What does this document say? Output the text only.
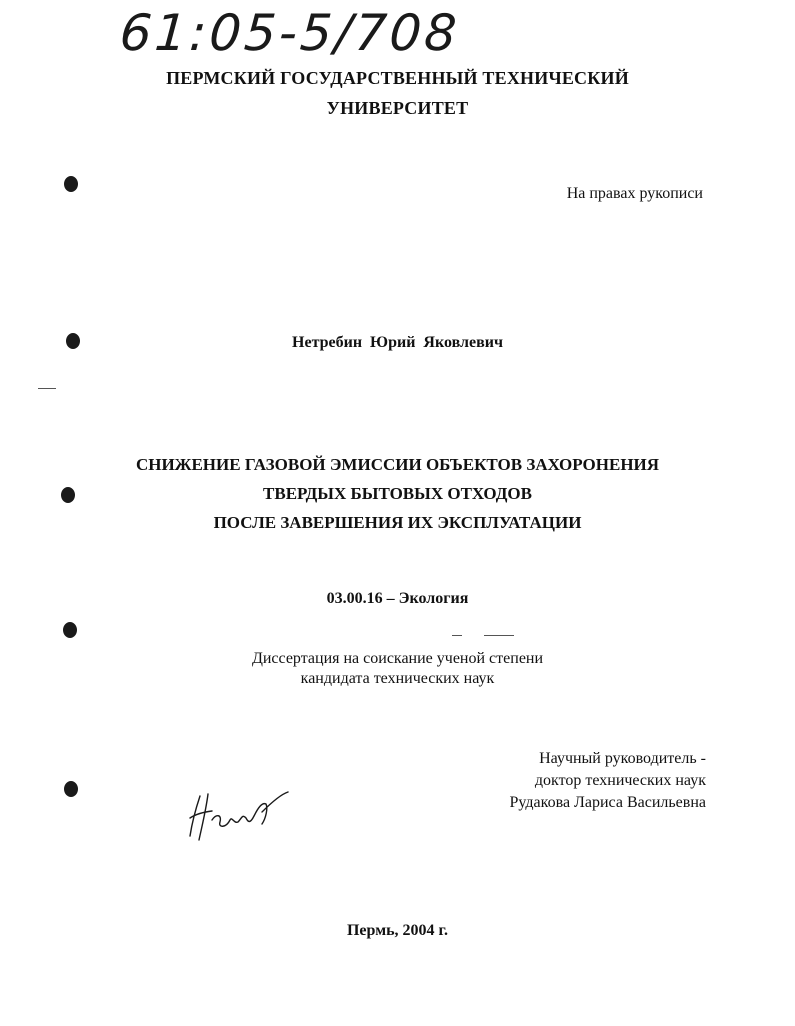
61:05-5/708
ПЕРМСКИЙ ГОСУДАРСТВЕННЫЙ ТЕХНИЧЕСКИЙ
УНИВЕРСИТЕТ
На правах рукописи
Нетребин Юрий Яковлевич
СНИЖЕНИЕ ГАЗОВОЙ ЭМИССИИ ОБЪЕКТОВ ЗАХОРОНЕНИЯ
ТВЕРДЫХ БЫТОВЫХ ОТХОДОВ
ПОСЛЕ ЗАВЕРШЕНИЯ ИХ ЭКСПЛУАТАЦИИ
03.00.16 – Экология
Диссертация на соискание ученой степени
кандидата технических наук
Научный руководитель -
доктор технических наук
Рудакова Лариса Васильевна
Пермь, 2004 г.
